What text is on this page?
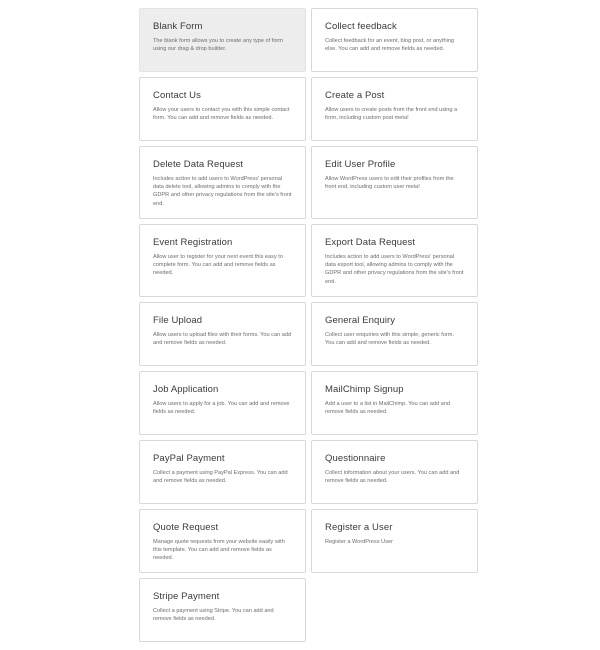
Blank Form
The blank form allows you to create any type of form using our drag & drop builder.
Collect feedback
Collect feedback for an event, blog post, or anything else. You can add and remove fields as needed.
Contact Us
Allow your users to contact you with this simple contact form. You can add and remove fields as needed.
Create a Post
Allow users to create posts from the front end using a form, including custom post meta!
Delete Data Request
Includes action to add users to WordPress' personal data delete tool, allowing admins to comply with the GDPR and other privacy regulations from the site's front end.
Edit User Profile
Allow WordPress users to edit their profiles from the front end, including custom user meta!
Event Registration
Allow user to register for your next event this easy to complete form. You can add and remove fields as needed.
Export Data Request
Includes action to add users to WordPress' personal data export tool, allowing admins to comply with the GDPR and other privacy regulations from the site's front end.
File Upload
Allow users to upload files with their forms. You can add and remove fields as needed.
General Enquiry
Collect user enquiries with this simple, generic form. You can add and remove fields as needed.
Job Application
Allow users to apply for a job. You can add and remove fields as needed.
MailChimp Signup
Add a user to a list in MailChimp. You can add and remove fields as needed.
PayPal Payment
Collect a payment using PayPal Express. You can add and remove fields as needed.
Questionnaire
Collect information about your users. You can add and remove fields as needed.
Quote Request
Manage quote requests from your website easily with this template. You can add and remove fields as needed.
Register a User
Register a WordPress User
Stripe Payment
Collect a payment using Stripe. You can add and remove fields as needed.
